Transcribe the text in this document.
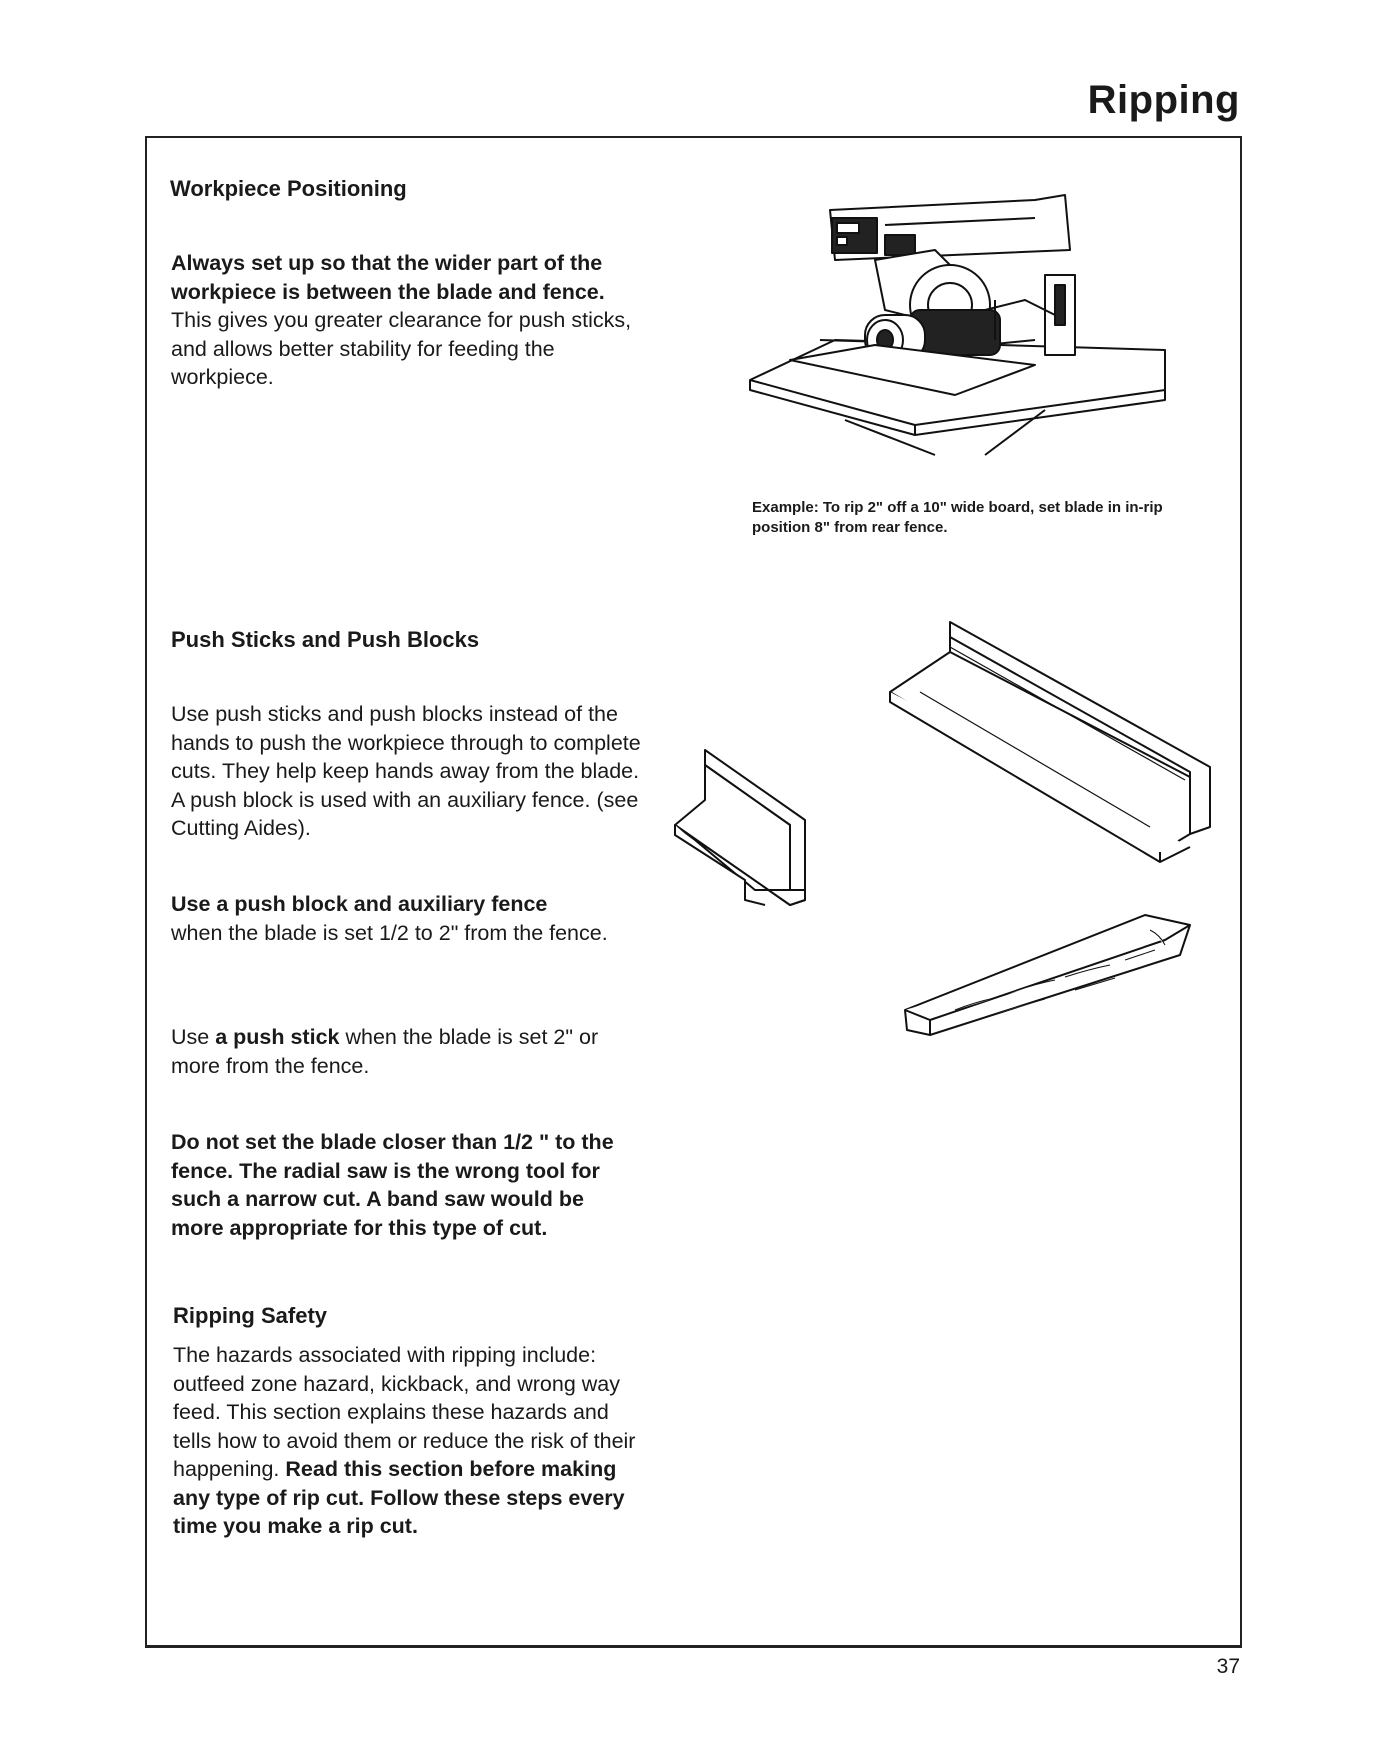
Ripping
Workpiece Positioning
Always set up so that the wider part of the workpiece is between the blade and fence. This gives you greater clearance for push sticks, and allows better stability for feeding the workpiece.
Example: To rip 2" off a 10" wide board, set blade in in-rip position 8" from rear fence.
Push Sticks and Push Blocks
Use push sticks and push blocks instead of the hands to push the workpiece through to complete cuts. They help keep hands away from the blade. A push block is used with an auxiliary fence. (see Cutting Aides).
Use a push block and auxiliary fence
when the blade is set 1/2 to 2" from the fence.
Use a push stick when the blade is set 2" or more from the fence.
Do not set the blade closer than 1/2 " to the fence. The radial saw is the wrong tool for such a narrow cut. A band saw would be more appropriate for this type of cut.
Ripping Safety
The hazards associated with ripping include: outfeed zone hazard, kickback, and wrong way feed. This section explains these hazards and tells how to avoid them or reduce the risk of their happening. Read this section before making any type of rip cut. Follow these steps every time you make a rip cut.
37
